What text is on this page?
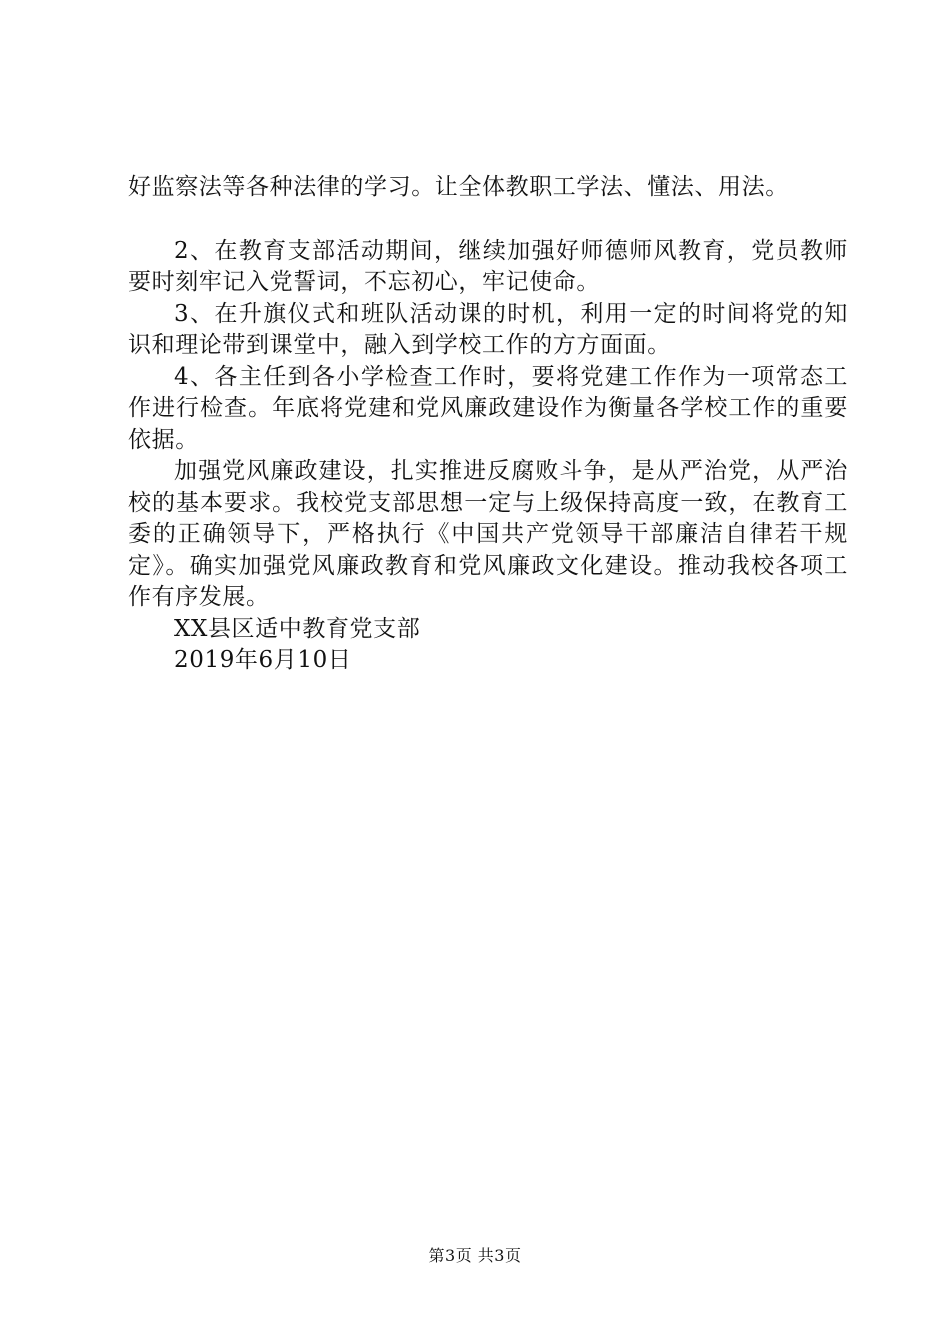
好监察法等各种法律的学习。让全体教职工学法、懂法、用法。

2、在教育支部活动期间，继续加强好师德师风教育，党员教师要时刻牢记入党誓词，不忘初心，牢记使命。

3、在升旗仪式和班队活动课的时机，利用一定的时间将党的知识和理论带到课堂中，融入到学校工作的方方面面。

4、各主任到各小学检查工作时，要将党建工作作为一项常态工作进行检查。年底将党建和党风廉政建设作为衡量各学校工作的重要依据。

加强党风廉政建设，扎实推进反腐败斗争，是从严治党，从严治校的基本要求。我校党支部思想一定与上级保持高度一致，在教育工委的正确领导下，严格执行《中国共产党领导干部廉洁自律若干规定》。确实加强党风廉政教育和党风廉政文化建设。推动我校各项工作有序发展。

XX县区适中教育党支部

2019年6月10日

第3页 共3页
